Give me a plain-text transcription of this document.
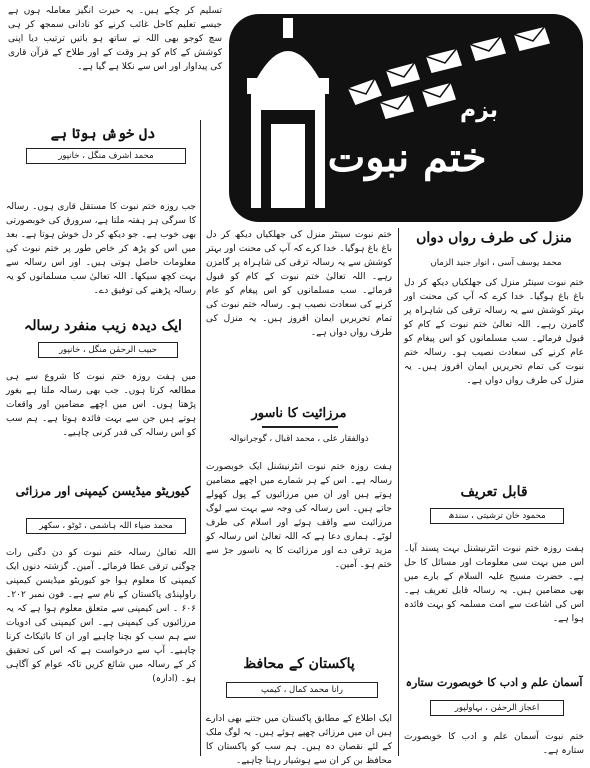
بزم
ختم نبوت
تسلیم کر چکے ہیں۔ یہ حیرت انگیز معاملہ ہوں ہے جیسے تعلیم کاحل غائب کرنے کو نادانی سمجھ کر ہی سچ کوجو بھی اللہ نے ساتھ ہو باتیں ترتیب دیا اپنی کوشش کے کام کو ہر وقت کے اور طلاح کے قرآن قاری کی پیداوار اور اس سے نکلا ہے گیا ہے۔
دل خوش ہوتا ہے
محمد اشرف منگل ، خانپور
جب روزہ ختم نبوت کا مستقل قاری ہوں۔ رسالہ کا سرگی ہر ہفتہ ملتا ہے، سرورق کی خوبصورتی بھی خوب ہے۔ جو دیکھ کر دل خوش ہوتا ہے۔ بعد میں اس کو پڑھ کر خاص طور پر ختم نبوت کی معلومات حاصل ہوتی ہیں۔ اور اس رسالہ سے بہت کچھ سیکھا۔ اللہ تعالیٰ سب مسلمانوں کو یہ رسالہ پڑھنے کی توفیق دے۔
ایک دیدہ زیب منفرد رسالہ
حبیب الرحمٰن منگل ، خانپور
میں ہفت روزہ ختم نبوت کا شروع سے ہی مطالعہ کرتا ہوں۔ جب بھی رسالہ ملتا ہے بغور پڑھتا ہوں۔ اس میں اچھے مضامین اور واقعات ہوتے ہیں جن سے بہت فائدہ ہوتا ہے۔ ہم سب کو اس رسالہ کی قدر کرنی چاہیے۔
کیوریٹو میڈیسن کیمپنی اور مرزائی
محمد ضیاء اللہ ہاشمی ، ٹوٹو ، سکھر
اللہ تعالیٰ رسالہ ختم نبوت کو دن دگنی رات چوگنی ترقی عطا فرمائے۔ آمین۔ گزشتہ دنوں ایک کیمپنی کا معلوم ہوا جو کیوریٹو میڈیسن کیمپنی راولپنڈی پاکستان کے نام سے ہے۔ فون نمبر ۲۰۲۔۶۰۶ ۔ اس کیمپنی سے متعلق معلوم ہوا ہے کہ یہ مرزائیوں کی کیمپنی ہے۔ اس کیمپنی کی ادویات سے ہم سب کو بچنا چاہیے اور ان کا بائیکاٹ کرنا چاہیے۔ آپ سے درخواست ہے کہ اس کی تحقیق کر کے رسالہ میں شائع کریں تاکہ عوام کو آگاہی ہو۔ (ادارہ)
ختم نبوت سینٹر منزل کی جھلکیاں دیکھ کر دل باغ باغ ہوگیا۔ خدا کرے کہ آپ کی محنت اور بہتر کوشش سے یہ رسالہ ترقی کی شاہراہ پر گامزن رہے۔ اللہ تعالیٰ ختم نبوت کے کام کو قبول فرمائے۔ سب مسلمانوں کو اس پیغام کو عام کرنے کی سعادت نصیب ہو۔ رسالہ ختم نبوت کی تمام تحریریں ایمان افروز ہیں۔ یہ منزل کی طرف رواں دواں ہے۔
مرزائیت کا ناسور
ذوالفقار علی ، محمد اقبال ، گوجرانوالہ
ہفت روزہ ختم نبوت انٹرنیشنل ایک خوبصورت رسالہ ہے۔ اس کے ہر شمارے میں اچھے مضامین ہوتے ہیں اور ان میں مرزائیوں کے پول کھولے جاتے ہیں۔ اس رسالہ کی وجہ سے بہت سے لوگ مرزائیت سے واقف ہوئے اور اسلام کی طرف لوٹے۔ ہماری دعا ہے کہ اللہ تعالیٰ اس رسالہ کو مزید ترقی دے اور مرزائیت کا یہ ناسور جڑ سے ختم ہو۔ آمین۔
پاکستان کے محافظ
رانا محمد کمال ، کیمپ
ایک اطلاع کے مطابق پاکستان میں جتنے بھی ادارے ہیں ان میں مرزائی چھپے ہوئے ہیں۔ یہ لوگ ملک کے لئے نقصان دہ ہیں۔ ہم سب کو پاکستان کا محافظ بن کر ان سے ہوشیار رہنا چاہیے۔
منزل کی طرف رواں دواں
محمد یوسف آسی ، انوار جنید الزماں
ختم نبوت سینٹر منزل کی جھلکیاں دیکھ کر دل باغ باغ ہوگیا۔ خدا کرے کہ آپ کی محنت اور بہتر کوشش سے یہ رسالہ ترقی کی شاہراہ پر گامزن رہے۔ اللہ تعالیٰ ختم نبوت کے کام کو قبول فرمائے۔ سب مسلمانوں کو اس پیغام کو عام کرنے کی سعادت نصیب ہو۔ رسالہ ختم نبوت کی تمام تحریریں ایمان افروز ہیں۔ یہ منزل کی طرف رواں دواں ہے۔
قابل تعریف
محمود خان ترشیتی ، سندھ
ہفت روزہ ختم نبوت انٹرنیشنل بہت پسند آیا۔ اس میں بہت سی معلومات اور مسائل کا حل ہے۔ حضرت مسیح علیہ السلام کے بارے میں بھی مضامین ہیں۔ یہ رسالہ قابل تعریف ہے۔ اس کی اشاعت سے امت مسلمہ کو بہت فائدہ ہوا ہے۔
آسمان علم و ادب کا خوبصورت ستارہ
اعجاز الرحمٰن ، بہاولپور
ختم نبوت آسمان علم و ادب کا خوبصورت ستارہ ہے۔
